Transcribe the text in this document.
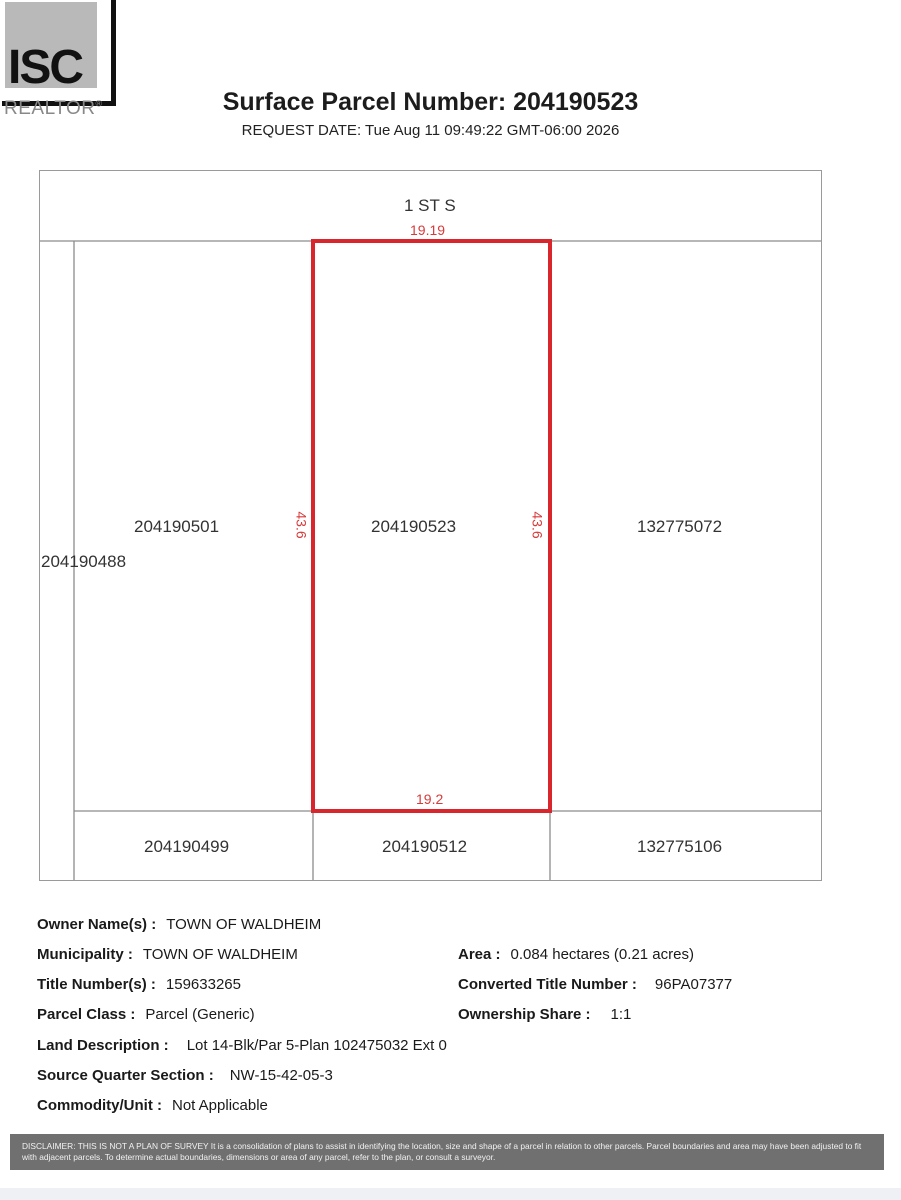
ISC
REALTOR®	Surface Parcel Number: 204190523
REQUEST DATE: Tue Aug 11 09:49:22 GMT-06:00 2026
1 ST S
19.19
19.2
43.6	43.6
204190523
204190501
204190488
132775072
204190499	204190512	132775106
Owner Name(s) : TOWN OF WALDHEIM
Municipality : TOWN OF WALDHEIM	Area : 0.084 hectares (0.21 acres)
Title Number(s) : 159633265	Converted Title Number : 96PA07377
Parcel Class : Parcel (Generic)	Ownership Share : 1:1
Land Description : Lot 14-Blk/Par 5-Plan 102475032 Ext 0
Source Quarter Section : NW-15-42-05-3
Commodity/Unit : Not Applicable
DISCLAIMER: THIS IS NOT A PLAN OF SURVEY It is a consolidation of plans to assist in identifying the location, size and shape of a parcel in relation to other parcels. Parcel boundaries and area may have been adjusted to fit with adjacent parcels. To determine actual boundaries, dimensions or area of any parcel, refer to the plan, or consult a surveyor.
